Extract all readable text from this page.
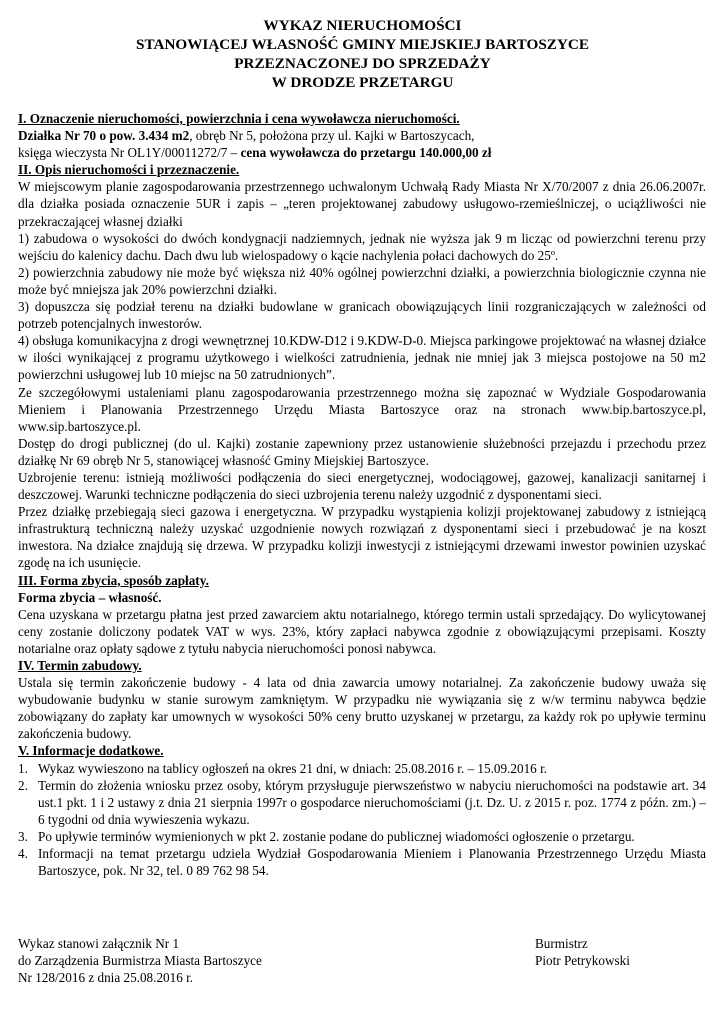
WYKAZ NIERUCHOMOŚCI
STANOWIĄCEJ WŁASNOŚĆ GMINY MIEJSKIEJ BARTOSZYCE
PRZEZNACZONEJ DO SPRZEDAŻY
W DRODZE PRZETARGU
I. Oznaczenie nieruchomości, powierzchnia i cena wywoławcza nieruchomości.
Działka Nr 70 o pow. 3.434 m2, obręb Nr 5, położona przy ul. Kajki w Bartoszycach,
księga wieczysta Nr OL1Y/00011272/7 – cena wywoławcza do przetargu 140.000,00 zł
II. Opis nieruchomości i przeznaczenie.
W miejscowym planie zagospodarowania przestrzennego uchwalonym Uchwałą Rady Miasta Nr X/70/2007 z dnia 26.06.2007r. dla działka posiada oznaczenie 5UR i zapis – „teren projektowanej zabudowy usługowo-rzemieślniczej, o uciążliwości nie przekraczającej własnej działki
1) zabudowa o wysokości do dwóch kondygnacji nadziemnych, jednak nie wyższa jak 9 m licząc od powierzchni terenu przy wejściu do kalenicy dachu. Dach dwu lub wielospadowy o kącie nachylenia połaci dachowych do 25º.
2) powierzchnia zabudowy nie może być większa niż 40% ogólnej powierzchni działki, a powierzchnia biologicznie czynna nie może być mniejsza jak 20% powierzchni działki.
3) dopuszcza się podział terenu na działki budowlane w granicach obowiązujących linii rozgraniczających w zależności od potrzeb potencjalnych inwestorów.
4) obsługa komunikacyjna z drogi wewnętrznej 10.KDW-D12 i 9.KDW-D-0. Miejsca parkingowe projektować na własnej działce w ilości wynikającej z programu użytkowego i wielkości zatrudnienia, jednak nie mniej jak 3 miejsca postojowe na 50 m2 powierzchni usługowej lub 10 miejsc na 50 zatrudnionych”.
Ze szczegółowymi ustaleniami planu zagospodarowania przestrzennego można się zapoznać w Wydziale Gospodarowania Mieniem i Planowania Przestrzennego Urzędu Miasta Bartoszyce oraz na stronach www.bip.bartoszyce.pl, www.sip.bartoszyce.pl.
Dostęp do drogi publicznej (do ul. Kajki) zostanie zapewniony przez ustanowienie służebności przejazdu i przechodu przez działkę Nr 69 obręb Nr 5, stanowiącej własność Gminy Miejskiej Bartoszyce.
Uzbrojenie terenu: istnieją możliwości podłączenia do sieci energetycznej, wodociągowej, gazowej, kanalizacji sanitarnej i deszczowej. Warunki techniczne podłączenia do sieci uzbrojenia terenu należy uzgodnić z dysponentami sieci.
Przez działkę przebiegają sieci gazowa i energetyczna. W przypadku wystąpienia kolizji projektowanej zabudowy z istniejącą infrastrukturą techniczną należy uzyskać uzgodnienie nowych rozwiązań z dysponentami sieci i przebudować je na koszt inwestora. Na działce znajdują się drzewa. W przypadku kolizji inwestycji z istniejącymi drzewami inwestor powinien uzyskać zgodę na ich usunięcie.
III. Forma zbycia, sposób zapłaty.
Forma zbycia – własność.
Cena uzyskana w przetargu płatna jest przed zawarciem aktu notarialnego, którego termin ustali sprzedający. Do wylicytowanej ceny zostanie doliczony podatek VAT w wys. 23%, który zapłaci nabywca zgodnie z obowiązującymi przepisami. Koszty notarialne oraz opłaty sądowe z tytułu nabycia nieruchomości ponosi nabywca.
IV. Termin zabudowy.
Ustala się termin zakończenie budowy - 4 lata od dnia zawarcia umowy notarialnej. Za zakończenie budowy uważa się wybudowanie budynku w stanie surowym zamkniętym. W przypadku nie wywiązania się z w/w terminu nabywca będzie zobowiązany do zapłaty kar umownych w wysokości 50% ceny brutto uzyskanej w przetargu, za każdy rok po upływie terminu zakończenia budowy.
V. Informacje dodatkowe.
1. Wykaz wywieszono na tablicy ogłoszeń na okres 21 dni, w dniach: 25.08.2016 r. – 15.09.2016 r.
2. Termin do złożenia wniosku przez osoby, którym przysługuje pierwszeństwo w nabyciu nieruchomości na podstawie art. 34 ust.1 pkt. 1 i 2 ustawy z dnia 21 sierpnia 1997r o gospodarce nieruchomościami (j.t. Dz. U. z 2015 r. poz. 1774 z późn. zm.) – 6 tygodni od dnia wywieszenia wykazu.
3. Po upływie terminów wymienionych w pkt 2. zostanie podane do publicznej wiadomości ogłoszenie o przetargu.
4. Informacji na temat przetargu udziela Wydział Gospodarowania Mieniem i Planowania Przestrzennego Urzędu Miasta Bartoszyce, pok. Nr 32, tel. 0 89 762 98 54.
Wykaz stanowi załącznik Nr 1
do Zarządzenia Burmistrza Miasta Bartoszyce
Nr 128/2016 z dnia 25.08.2016 r.
Burmistrz
Piotr Petrykowski
